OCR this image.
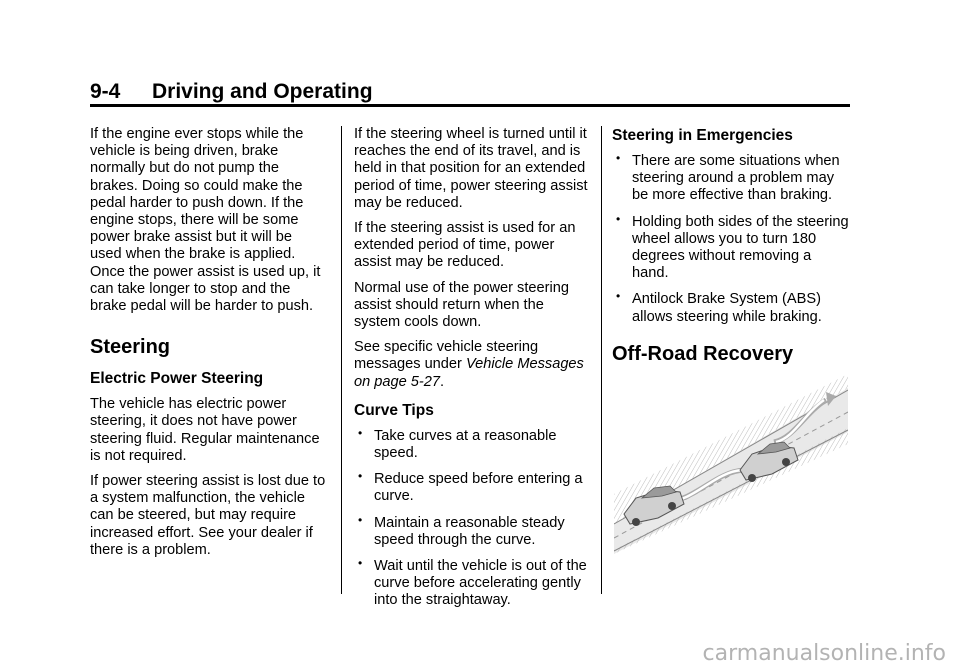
9-4 Driving and Operating

If the engine ever stops while the vehicle is being driven, brake normally but do not pump the brakes. Doing so could make the pedal harder to push down. If the engine stops, there will be some power brake assist but it will be used when the brake is applied. Once the power assist is used up, it can take longer to stop and the brake pedal will be harder to push.

Steering
Electric Power Steering

The vehicle has electric power steering, it does not have power steering fluid. Regular maintenance is not required.

If power steering assist is lost due to a system malfunction, the vehicle can be steered, but may require increased effort. See your dealer if there is a problem.

If the steering wheel is turned until it reaches the end of its travel, and is held in that position for an extended period of time, power steering assist may be reduced.

If the steering assist is used for an extended period of time, power assist may be reduced.

Normal use of the power steering assist should return when the system cools down.

See specific vehicle steering messages under Vehicle Messages on page 5-27.

Curve Tips
• Take curves at a reasonable speed.
• Reduce speed before entering a curve.
• Maintain a reasonable steady speed through the curve.
• Wait until the vehicle is out of the curve before accelerating gently into the straightaway.
Steering in Emergencies
• There are some situations when steering around a problem may be more effective than braking.
• Holding both sides of the steering wheel allows you to turn 180 degrees without removing a hand.
• Antilock Brake System (ABS) allows steering while braking.
Off-Road Recovery
carmanualsonline.info
